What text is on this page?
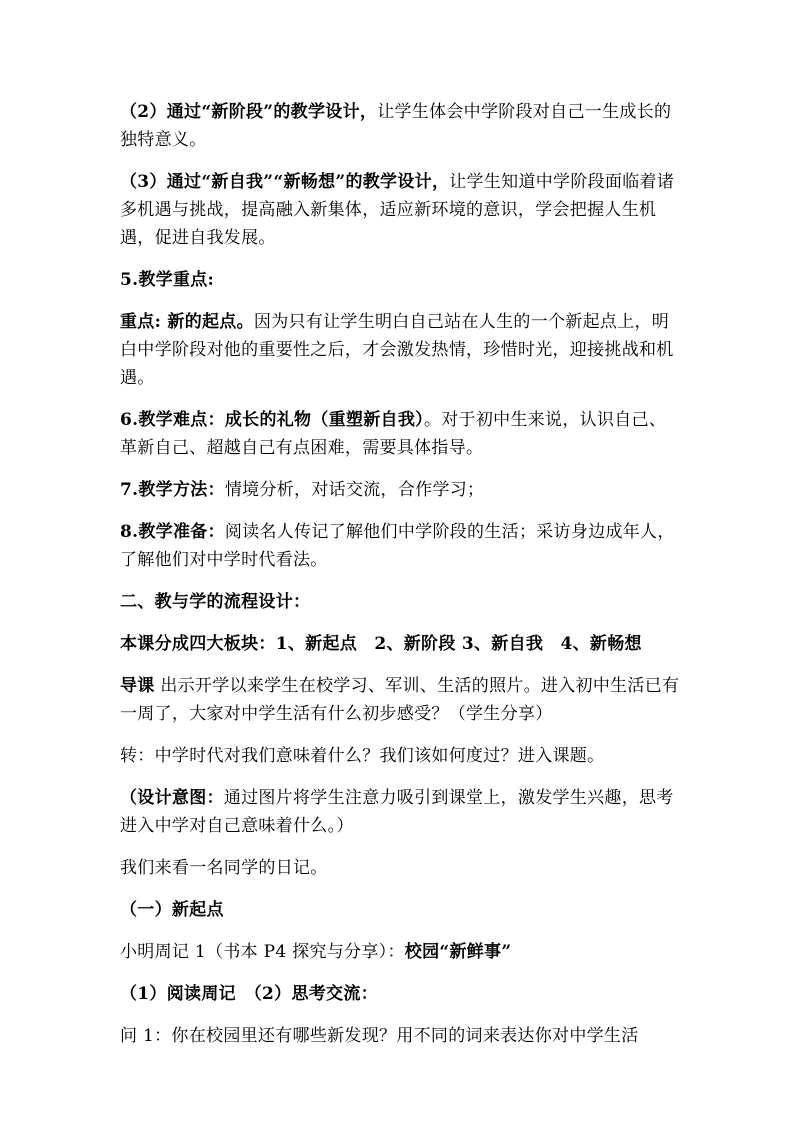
（2）通过“新阶段”的教学设计，让学生体会中学阶段对自己一生成长的独特意义。

（3）通过“新自我”“新畅想”的教学设计，让学生知道中学阶段面临着诸多机遇与挑战，提高融入新集体，适应新环境的意识，学会把握人生机遇，促进自我发展。

5.教学重点:

重点: 新的起点。因为只有让学生明白自己站在人生的一个新起点上，明白中学阶段对他的重要性之后，才会激发热情，珍惜时光，迎接挑战和机遇。

6.教学难点：成长的礼物（重塑新自我）。对于初中生来说，认识自己、革新自己、超越自己有点困难，需要具体指导。

7.教学方法：情境分析，对话交流，合作学习；

8.教学准备：阅读名人传记了解他们中学阶段的生活；采访身边成年人，了解他们对中学时代看法。

二、教与学的流程设计：

本课分成四大板块：1、新起点　2、新阶段 3、新自我　4、新畅想

导课 出示开学以来学生在校学习、军训、生活的照片。进入初中生活已有一周了，大家对中学生活有什么初步感受？（学生分享）

转：中学时代对我们意味着什么？我们该如何度过？进入课题。

（设计意图：通过图片将学生注意力吸引到课堂上，激发学生兴趣，思考进入中学对自己意味着什么。）

我们来看一名同学的日记。

（一）新起点

小明周记 1（书本 P4 探究与分享）：校园“新鲜事”

（1）阅读周记　（2）思考交流：

问 1：你在校园里还有哪些新发现？用不同的词来表达你对中学生活
